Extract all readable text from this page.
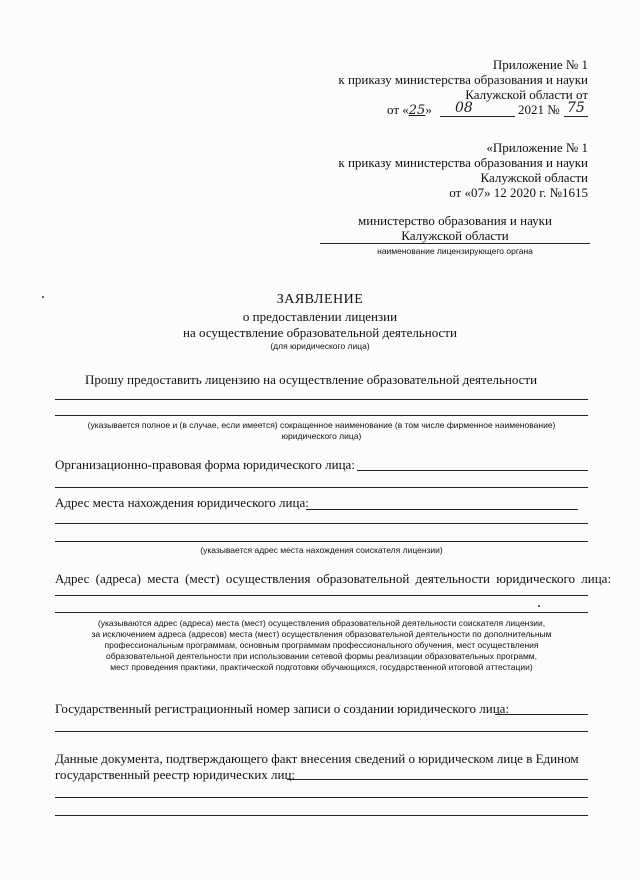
Приложение № 1
к приказу министерства образования и науки
Калужской области от
от «25» 08	2021 № 75
«Приложение № 1
к приказу министерства образования и науки
Калужской области
от «07» 12 2020 г. №1615
министерство образования и науки
Калужской области
наименование лицензирующего органа
ЗАЯВЛЕНИЕ
о предоставлении лицензии
на осуществление образовательной деятельности
(для юридического лица)
Прошу предоставить лицензию на осуществление образовательной деятельности
(указывается полное и (в случае, если имеется) сокращенное наименование (в том числе фирменное наименование)
юридического лица)
Организационно-правовая форма юридического лица:
Адрес места нахождения юридического лица:
(указывается адрес места нахождения соискателя лицензии)
Адрес (адреса) места (мест) осуществления образовательной деятельности юридического лица:
(указываются адрес (адреса) места (мест) осуществления образовательной деятельности соискателя лицензии,
за исключением адреса (адресов) места (мест) осуществления образовательной деятельности по дополнительным
профессиональным программам, основным программам профессионального обучения, мест осуществления
образовательной деятельности при использовании сетевой формы реализации образовательных программ,
мест проведения практики, практической подготовки обучающихся, государственной итоговой аттестации)
Государственный регистрационный номер записи о создании юридического лица:
Данные документа, подтверждающего факт внесения сведений о юридическом лице в Едином
государственный реестр юридических лиц:
